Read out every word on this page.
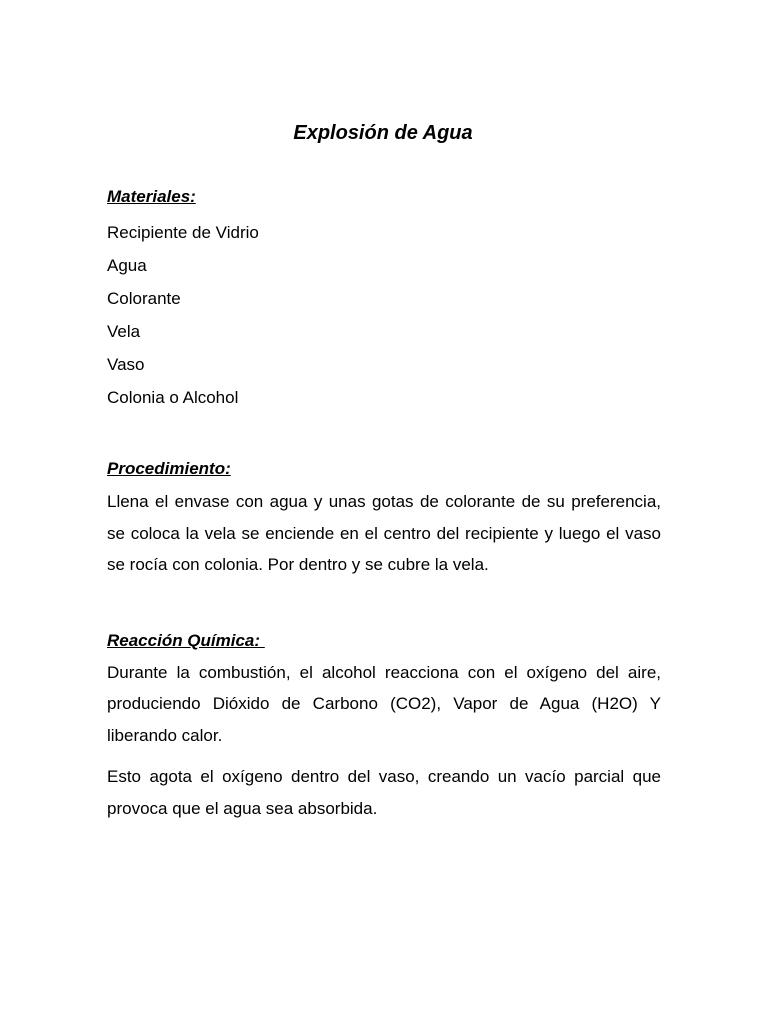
Explosión de Agua

Materiales:

Recipiente de Vidrio

Agua

Colorante

Vela

Vaso

Colonia o Alcohol

Procedimiento:

Llena el envase con agua y unas gotas de colorante de su preferencia, se coloca la vela se enciende en el centro del recipiente y luego el vaso se rocía con colonia. Por dentro y se cubre la vela.

Reacción Química:

Durante la combustión, el alcohol reacciona con el oxígeno del aire, produciendo Dióxido de Carbono (CO2), Vapor de Agua (H2O) Y liberando calor.

Esto agota el oxígeno dentro del vaso, creando un vacío parcial que provoca que el agua sea absorbida.
